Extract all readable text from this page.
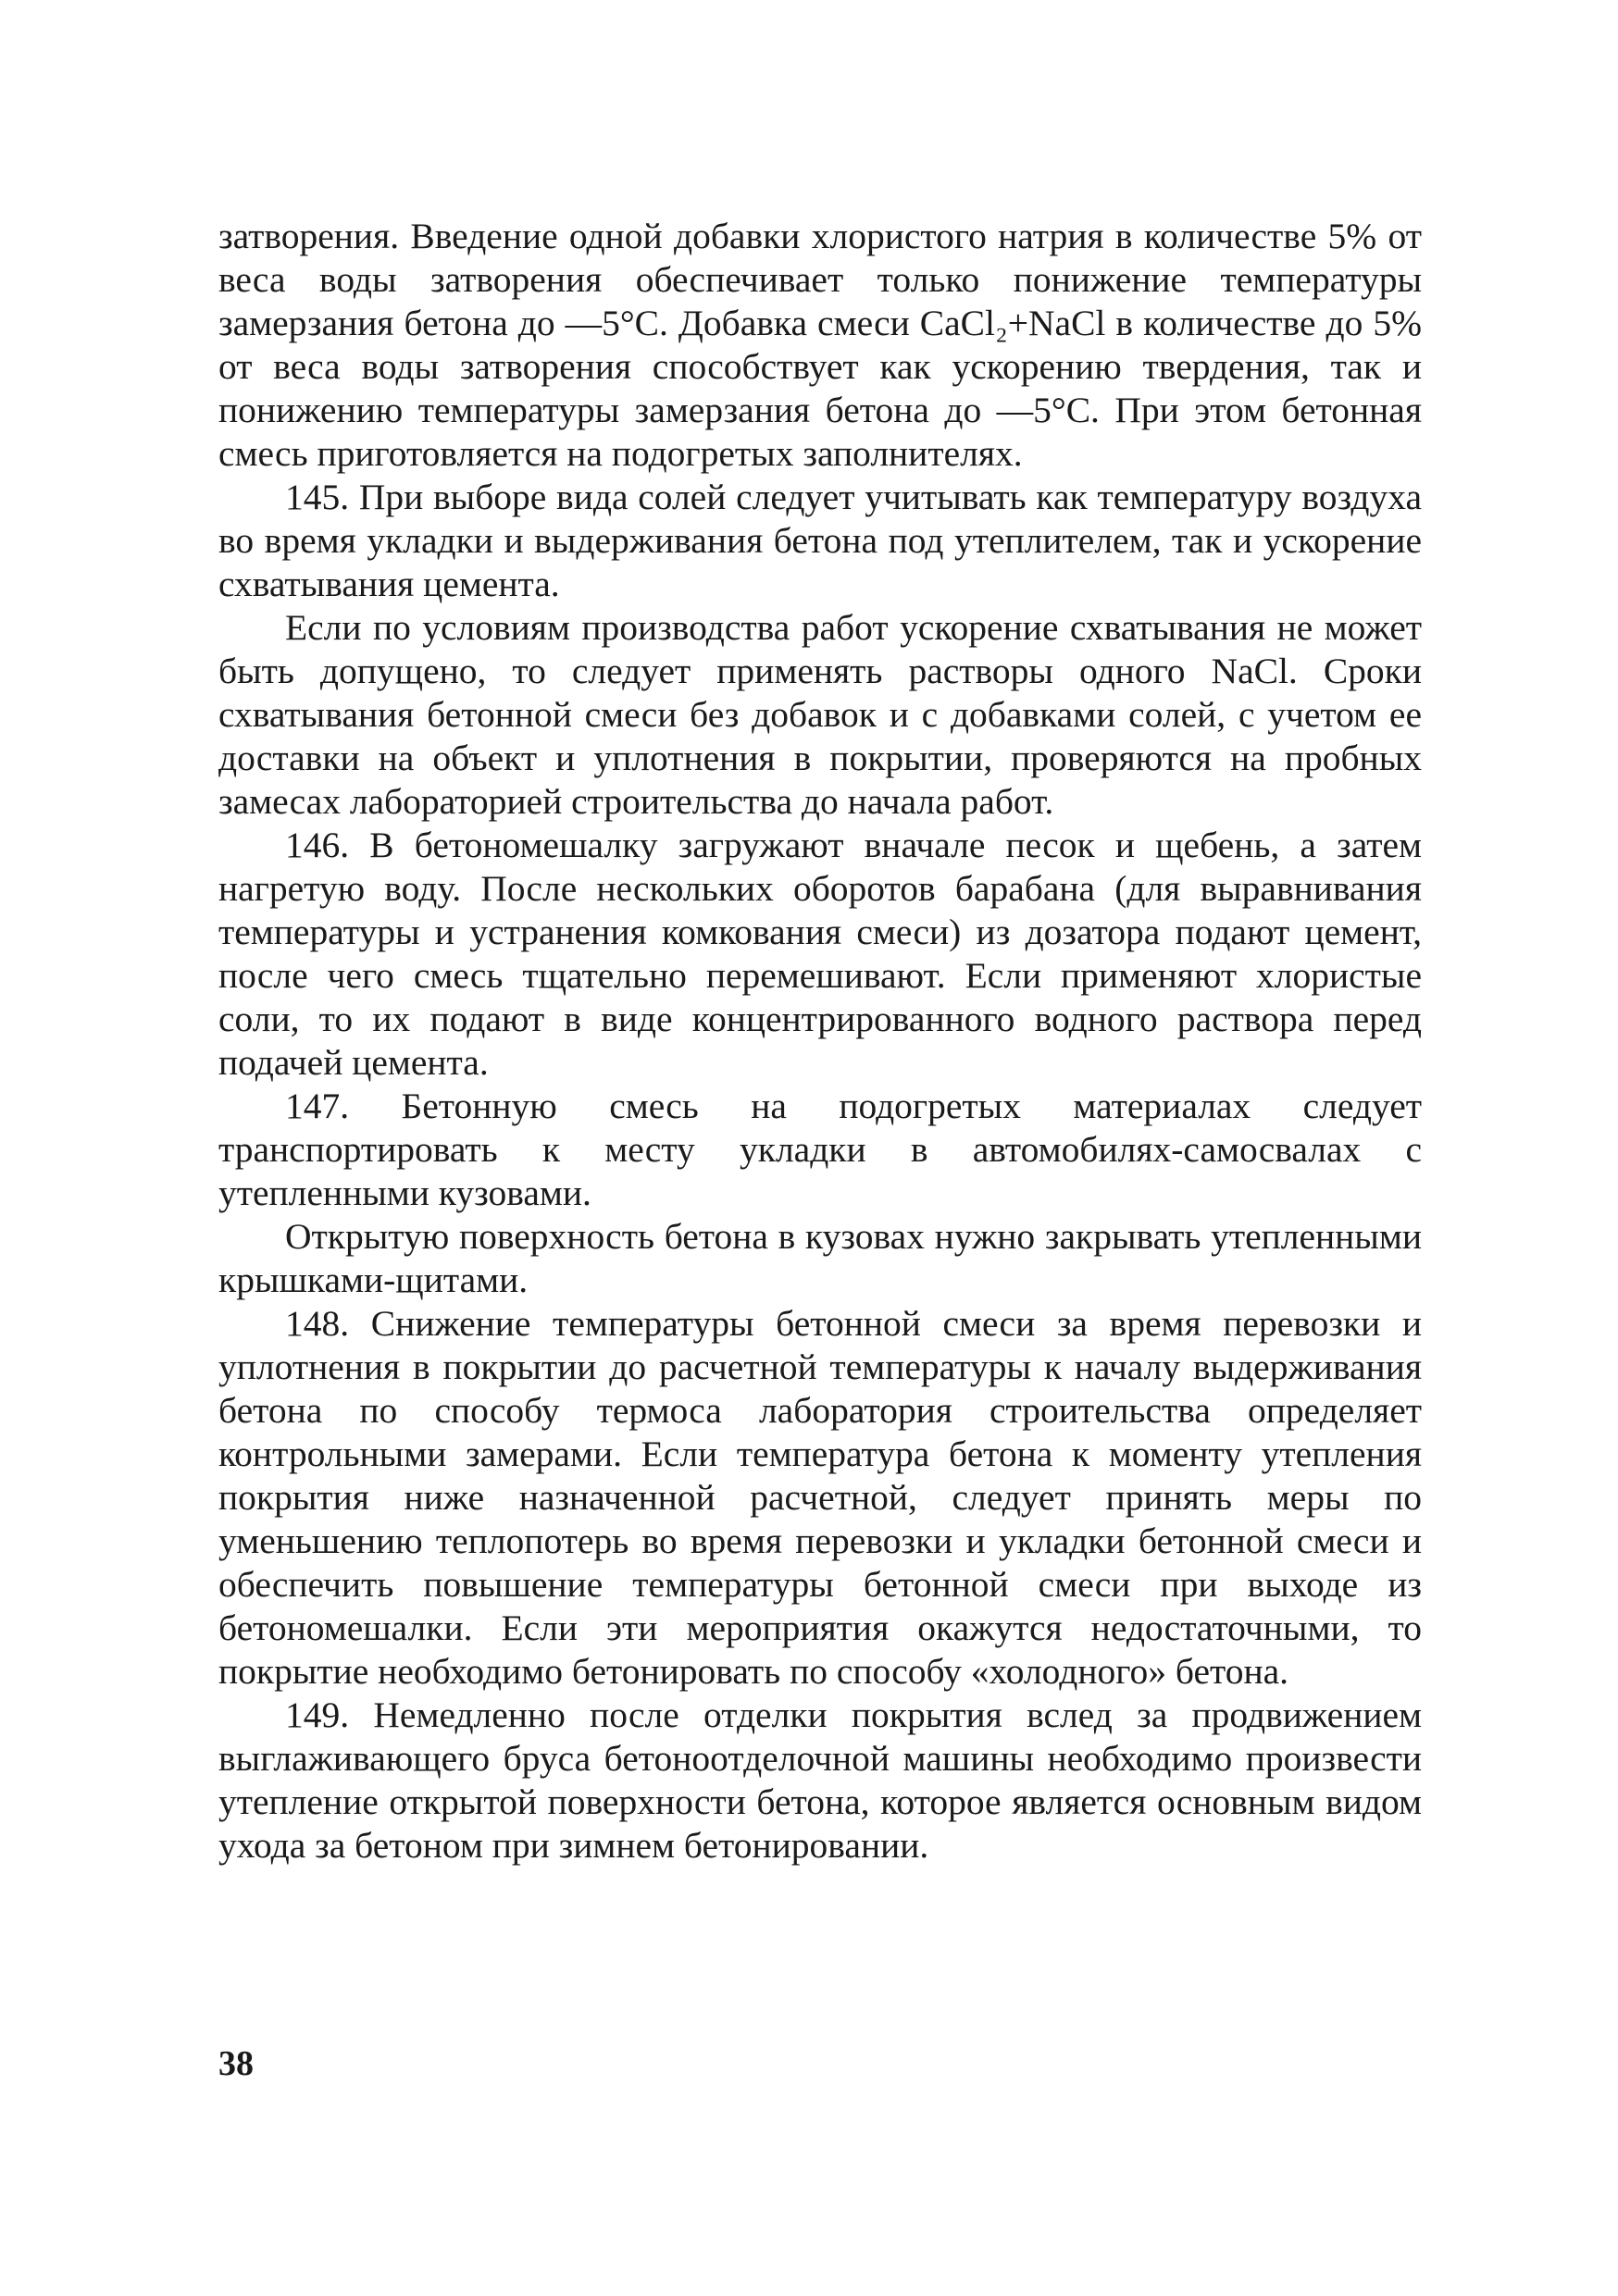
затворения. Введение одной добавки хлористого натрия в количестве 5% от веса воды затворения обеспечивает только понижение температуры замерзания бетона до —5°С. Добавка смеси CaCl₂+NaCl в количестве до 5% от веса воды затворения способствует как ускорению твердения, так и понижению температуры замерзания бетона до —5°С. При этом бетонная смесь приготовляется на подогретых заполнителях.

145. При выборе вида солей следует учитывать как температуру воздуха во время укладки и выдерживания бетона под утеплителем, так и ускорение схватывания цемента.

Если по условиям производства работ ускорение схватывания не может быть допущено, то следует применять растворы одного NaCl. Сроки схватывания бетонной смеси без добавок и с добавками солей, с учетом ее доставки на объект и уплотнения в покрытии, проверяются на пробных замесах лабораторией строительства до начала работ.

146. В бетономешалку загружают вначале песок и щебень, а затем нагретую воду. После нескольких оборотов барабана (для выравнивания температуры и устранения комкования смеси) из дозатора подают цемент, после чего смесь тщательно перемешивают. Если применяют хлористые соли, то их подают в виде концентрированного водного раствора перед подачей цемента.

147. Бетонную смесь на подогретых материалах следует транспортировать к месту укладки в автомобилях-самосвалах с утепленными кузовами.

Открытую поверхность бетона в кузовах нужно закрывать утепленными крышками-щитами.

148. Снижение температуры бетонной смеси за время перевозки и уплотнения в покрытии до расчетной температуры к началу выдерживания бетона по способу термоса лаборатория строительства определяет контрольными замерами. Если температура бетона к моменту утепления покрытия ниже назначенной расчетной, следует принять меры по уменьшению теплопотерь во время перевозки и укладки бетонной смеси и обеспечить повышение температуры бетонной смеси при выходе из бетономешалки. Если эти мероприятия окажутся недостаточными, то покрытие необходимо бетонировать по способу «холодного» бетона.

149. Немедленно после отделки покрытия вслед за продвижением выглаживающего бруса бетоноотделочной машины необходимо произвести утепление открытой поверхности бетона, которое является основным видом ухода за бетоном при зимнем бетонировании.

38
